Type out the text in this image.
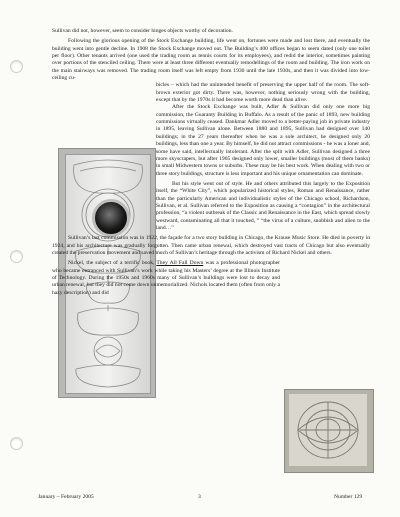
Sullivan did not, however, seem to consider hinges objects worthy of decoration.

Following the glorious opening of the Stock Exchange building, life went on, fortunes were made and lost there, and eventually the building went into gentle decline. In 1908 the Stock Exchange moved out. The Building’s 400 offices began to seem dated (only one toilet per floor). Other tenants arrived (one used the trading room as tennis courts for its employees), and redid the interior, sometimes painting over portions of the stenciled ceiling. There were at least three different eventually remodellings of the room and building. The iron work on the main stairways was removed. The trading room itself was left empty from 1930 until the late 1930s, and then it was divided into low-ceiling cu-

bicles – which had the unintended benefit of preserving the upper half of the room. The soft-brown exterior got dirty. There was, however, nothing seriously wrong with the building, except that by the 1970s it had become worth more dead than alive.

After the Stock Exchange was built, Adler & Sullivan did only one more big commission, the Guaranty Building in Buffalo. As a result of the panic of 1893, new building commissions virtually ceased. Dankmar Adler moved to a better-paying job in private industry in 1895, leaving Sullivan alone. Between 1880 and 1895, Sullivan had designed over 140 buildings; in the 27 years thereafter when he was a sole architect, he designed only 20 buildings, less than one a year. By himself, he did not attract commissions - he was a loner and, some have said, intellectually intolerant. After the split with Adler, Sullivan designed a three more skyscrapers, but after 1905 designed only lower, smaller buildings (most of them banks) in small Midwestern towns or suburbs. These may be his best work. When dealing with two or three story buildings, structure is less important and his unique ornamentation can dominate.

But his style went out of style. He and others attributed this largely to the Exposition itself, the “White City”, which popularized historical styles, Roman and Renaissance, rather than the particularly American and individualistic styles of the Chicago school, Richardson, Sullivan, et al. Sullivan referred to the Exposition as causing a “contagion” in the architectural profession, “a violent outbreak of the Classic and Renaissance in the East, which spread slowly westward, contaminating all that it touched, ” “the virus of a culture, snobbish and alien to the land…”

Sullivan’s last commission was in 1922, the façade for a two story building in Chicago, the Krause Music Store. He died in poverty in 1924, and his architecture was gradually forgotten. Then came urban renewal, which destroyed vast tracts of Chicago but also eventually created the preservation movement and saved much of Sullivan’s heritage through the activism of Richard Nickel and others.

Nickel, the subject of a terrific book, They All Fall Down was a professional photographer who became entranced with Sullivan’s work while taking his Masters’ degree at the Illinois Institute of Technology. During the 1950s and 1960s many of Sullivan’s buildings were lost to decay and urban renewal, but they did not come down unmemorialized. Nichols located them (often from only a hazy description) and did

January – February 2005	3	Number 129
